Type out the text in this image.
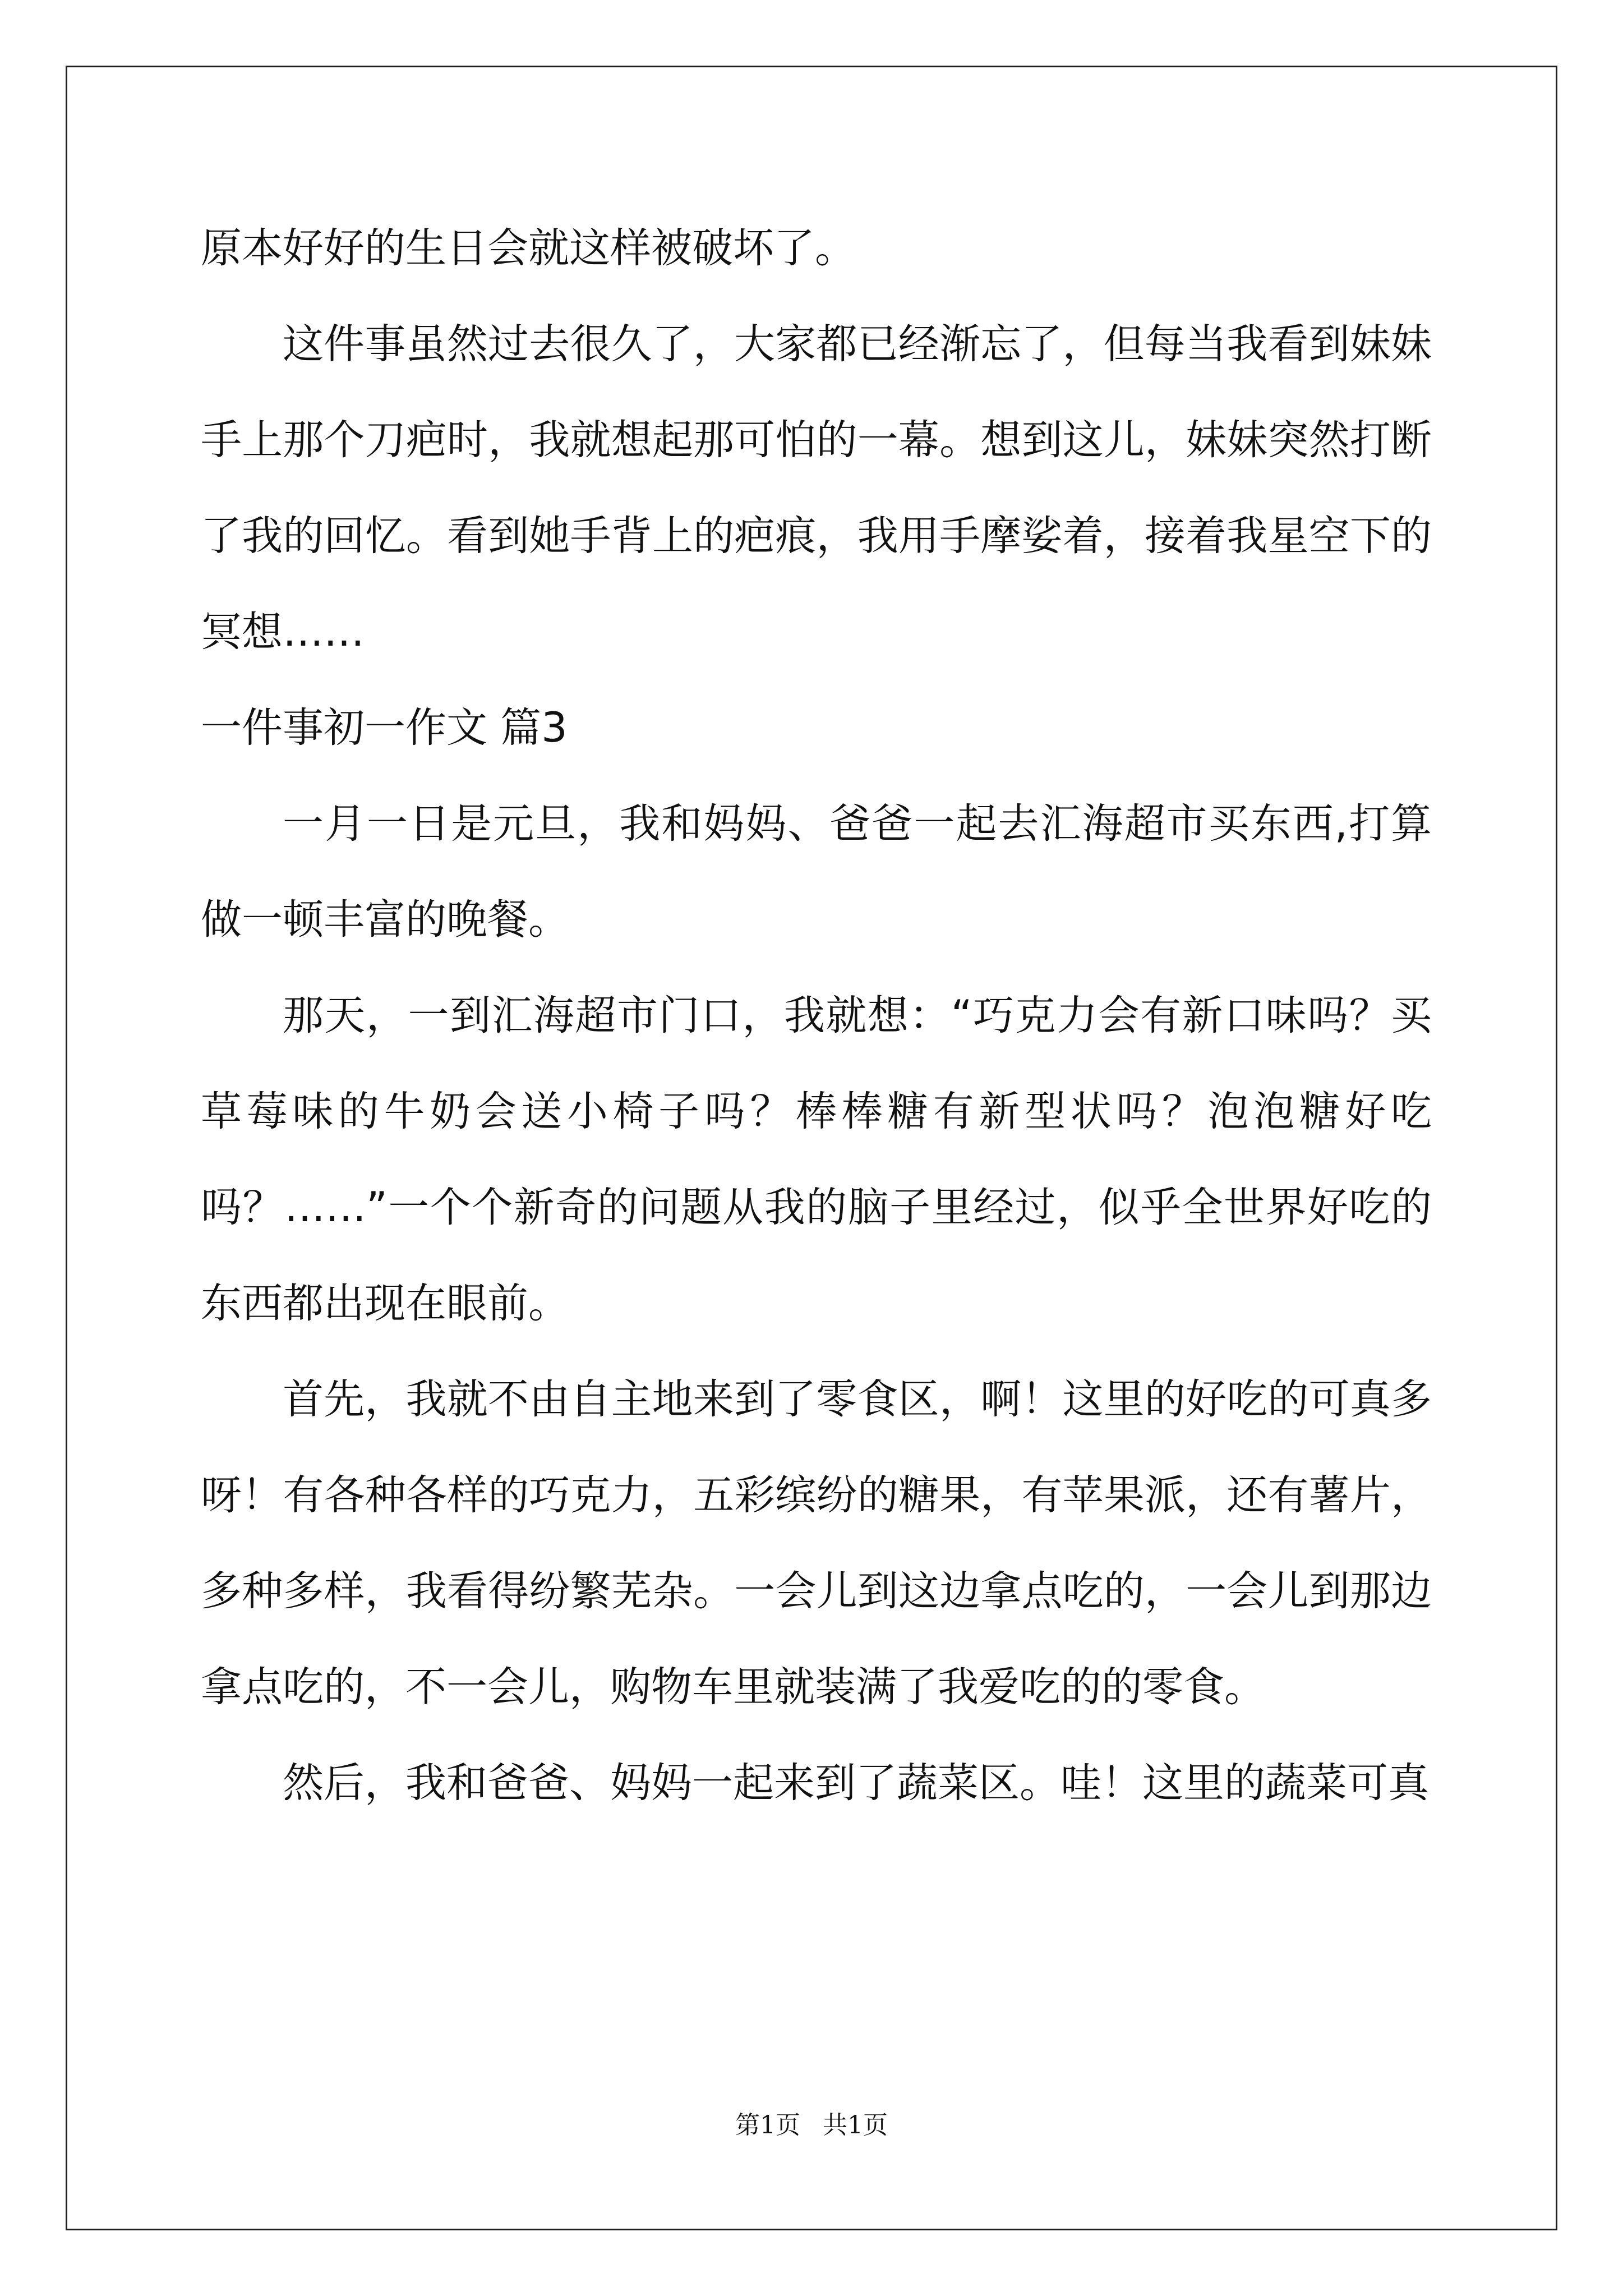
原本好好的生日会就这样被破坏了。

这件事虽然过去很久了，大家都已经渐忘了，但每当我看到妹妹手上那个刀疤时，我就想起那可怕的一幕。想到这儿，妹妹突然打断了我的回忆。看到她手背上的疤痕，我用手摩娑着，接着我星空下的冥想……

一件事初一作文 篇3

一月一日是元旦，我和妈妈、爸爸一起去汇海超市买东西,打算做一顿丰富的晚餐。

那天，一到汇海超市门口，我就想：“巧克力会有新口味吗？买草莓味的牛奶会送小椅子吗？棒棒糖有新型状吗？泡泡糖好吃吗？……”一个个新奇的问题从我的脑子里经过，似乎全世界好吃的东西都出现在眼前。

首先，我就不由自主地来到了零食区，啊！这里的好吃的可真多呀！有各种各样的巧克力，五彩缤纷的糖果，有苹果派，还有薯片，多种多样，我看得纷繁芜杂。一会儿到这边拿点吃的，一会儿到那边拿点吃的，不一会儿，购物车里就装满了我爱吃的的零食。

然后，我和爸爸、妈妈一起来到了蔬菜区。哇！这里的蔬菜可真

第1页 共1页
